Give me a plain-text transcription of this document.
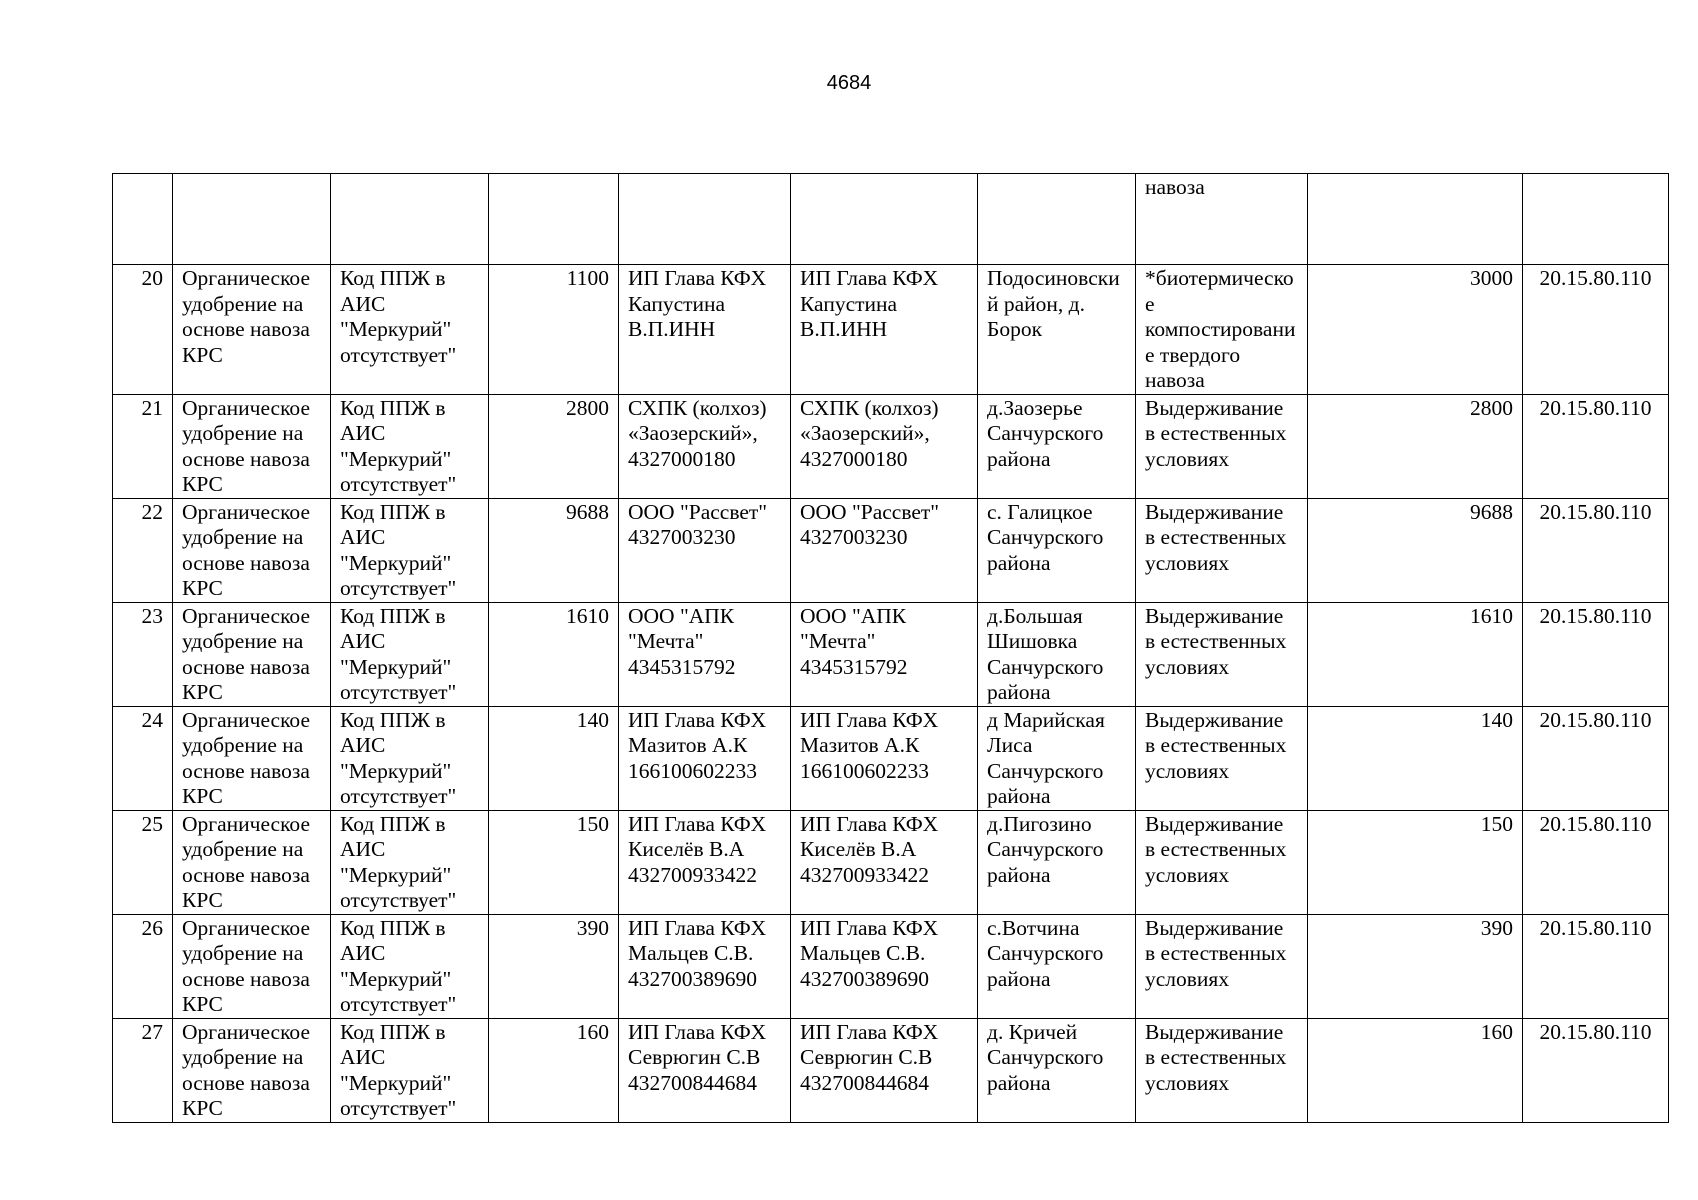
4684
							навоза		
20	Органическое удобрение на основе навоза КРС	Код ППЖ в АИС "Меркурий" отсутствует"	1100	ИП Глава КФХ Капустина В.П.ИНН	ИП Глава КФХ Капустина В.П.ИНН	Подосиновский район, д. Борок	*биотермическое компостирование твердого навоза	3000	20.15.80.110
21	Органическое удобрение на основе навоза КРС	Код ППЖ в АИС "Меркурий" отсутствует"	2800	СХПК (колхоз) «Заозерский», 4327000180	СХПК (колхоз) «Заозерский», 4327000180	д.Заозерье Санчурского района	Выдерживание в естественных условиях	2800	20.15.80.110
22	Органическое удобрение на основе навоза КРС	Код ППЖ в АИС "Меркурий" отсутствует"	9688	ООО "Рассвет" 4327003230	ООО "Рассвет" 4327003230	с. Галицкое Санчурского района	Выдерживание в естественных условиях	9688	20.15.80.110
23	Органическое удобрение на основе навоза КРС	Код ППЖ в АИС "Меркурий" отсутствует"	1610	ООО "АПК "Мечта" 4345315792	ООО "АПК "Мечта" 4345315792	д.Большая Шишовка Санчурского района	Выдерживание в естественных условиях	1610	20.15.80.110
24	Органическое удобрение на основе навоза КРС	Код ППЖ в АИС "Меркурий" отсутствует"	140	ИП Глава КФХ Мазитов А.К 166100602233	ИП Глава КФХ Мазитов А.К 166100602233	д Марийская Лиса Санчурского района	Выдерживание в естественных условиях	140	20.15.80.110
25	Органическое удобрение на основе навоза КРС	Код ППЖ в АИС "Меркурий" отсутствует"	150	ИП Глава КФХ Киселёв В.А 432700933422	ИП Глава КФХ Киселёв В.А 432700933422	д.Пигозино Санчурского района	Выдерживание в естественных условиях	150	20.15.80.110
26	Органическое удобрение на основе навоза КРС	Код ППЖ в АИС "Меркурий" отсутствует"	390	ИП Глава КФХ Мальцев С.В. 432700389690	ИП Глава КФХ Мальцев С.В. 432700389690	с.Вотчина Санчурского района	Выдерживание в естественных условиях	390	20.15.80.110
27	Органическое удобрение на основе навоза КРС	Код ППЖ в АИС "Меркурий" отсутствует"	160	ИП Глава КФХ Севрюгин С.В 432700844684	ИП Глава КФХ Севрюгин С.В 432700844684	д. Кричей Санчурского района	Выдерживание в естественных условиях	160	20.15.80.110
